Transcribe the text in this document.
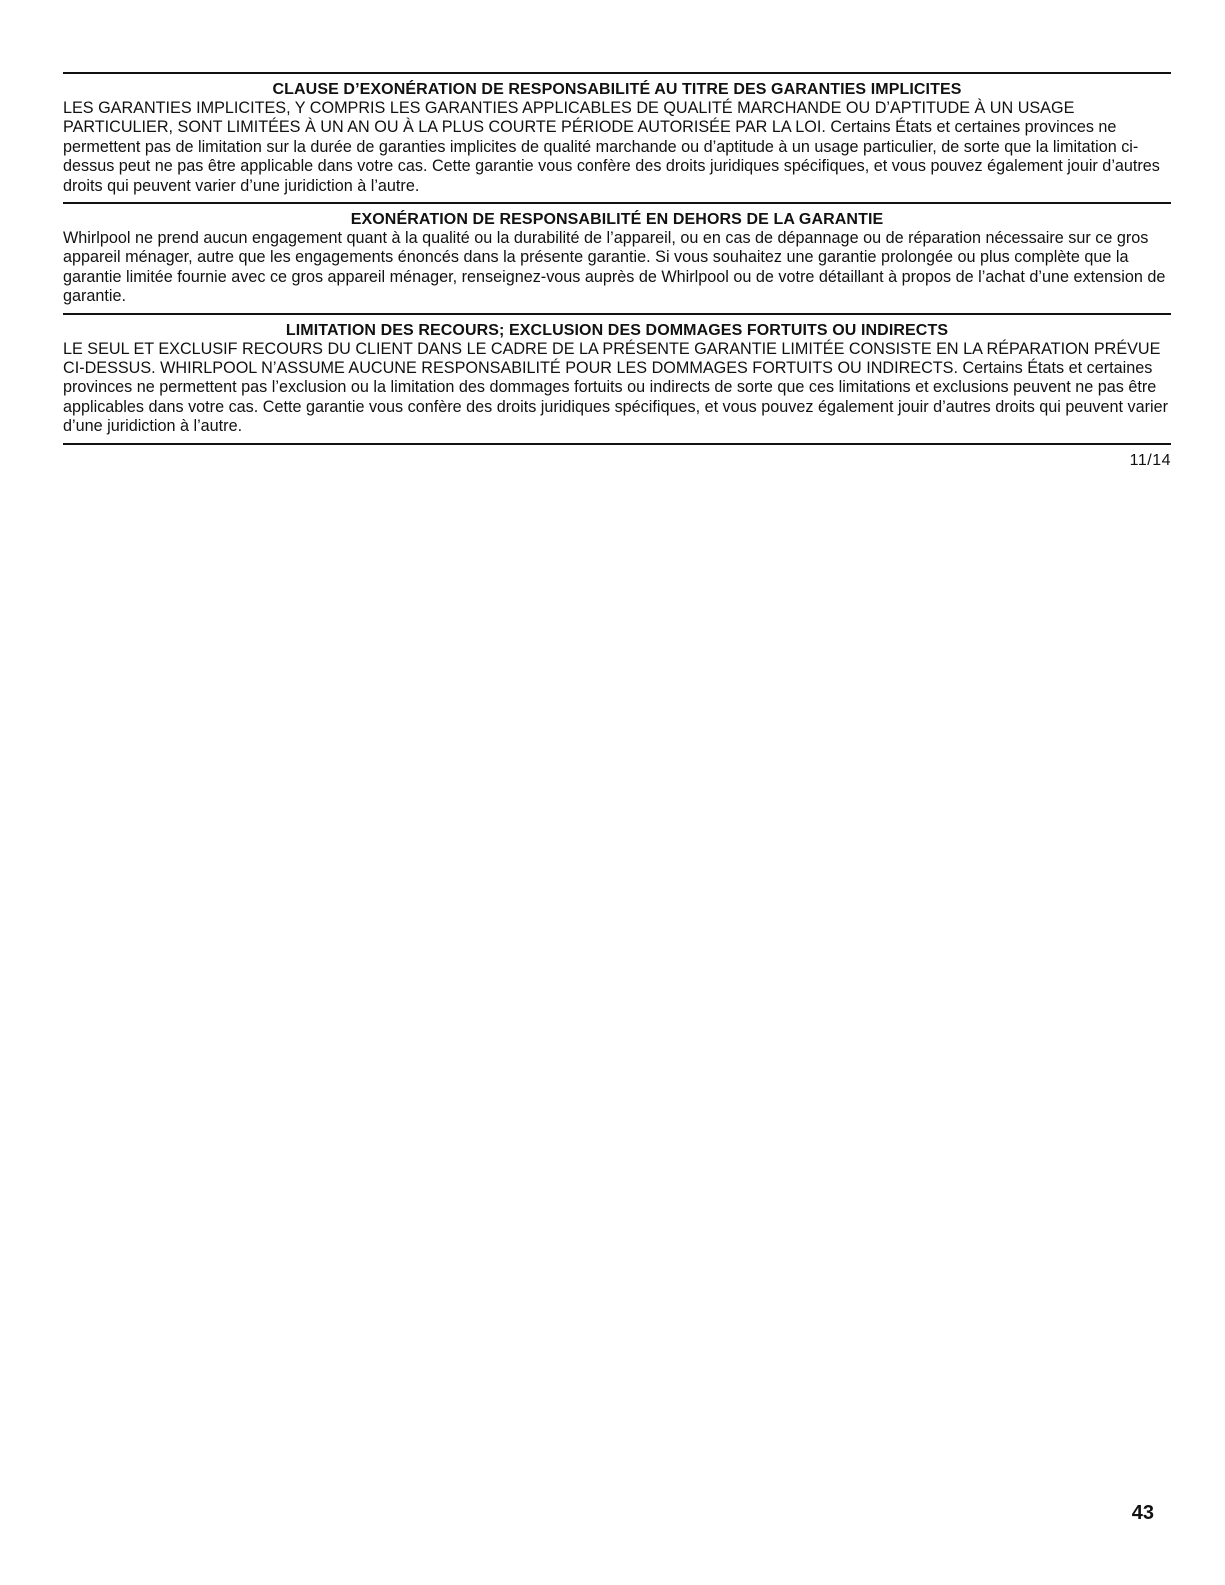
CLAUSE D’EXONÉRATION DE RESPONSABILITÉ AU TITRE DES GARANTIES IMPLICITES

LES GARANTIES IMPLICITES, Y COMPRIS LES GARANTIES APPLICABLES DE QUALITÉ MARCHANDE OU D’APTITUDE À UN USAGE PARTICULIER, SONT LIMITÉES À UN AN OU À LA PLUS COURTE PÉRIODE AUTORISÉE PAR LA LOI. Certains États et certaines provinces ne permettent pas de limitation sur la durée de garanties implicites de qualité marchande ou d’aptitude à un usage particulier, de sorte que la limitation ci-dessus peut ne pas être applicable dans votre cas. Cette garantie vous confère des droits juridiques spécifiques, et vous pouvez également jouir d’autres droits qui peuvent varier d’une juridiction à l’autre.

EXONÉRATION DE RESPONSABILITÉ EN DEHORS DE LA GARANTIE

Whirlpool ne prend aucun engagement quant à la qualité ou la durabilité de l’appareil, ou en cas de dépannage ou de réparation nécessaire sur ce gros appareil ménager, autre que les engagements énoncés dans la présente garantie. Si vous souhaitez une garantie prolongée ou plus complète que la garantie limitée fournie avec ce gros appareil ménager, renseignez-vous auprès de Whirlpool ou de votre détaillant à propos de l’achat d’une extension de garantie.

LIMITATION DES RECOURS; EXCLUSION DES DOMMAGES FORTUITS OU INDIRECTS

LE SEUL ET EXCLUSIF RECOURS DU CLIENT DANS LE CADRE DE LA PRÉSENTE GARANTIE LIMITÉE CONSISTE EN LA RÉPARATION PRÉVUE CI-DESSUS. WHIRLPOOL N’ASSUME AUCUNE RESPONSABILITÉ POUR LES DOMMAGES FORTUITS OU INDIRECTS. Certains États et certaines provinces ne permettent pas l’exclusion ou la limitation des dommages fortuits ou indirects de sorte que ces limitations et exclusions peuvent ne pas être applicables dans votre cas. Cette garantie vous confère des droits juridiques spécifiques, et vous pouvez également jouir d’autres droits qui peuvent varier d’une juridiction à l’autre.

11/14
43
